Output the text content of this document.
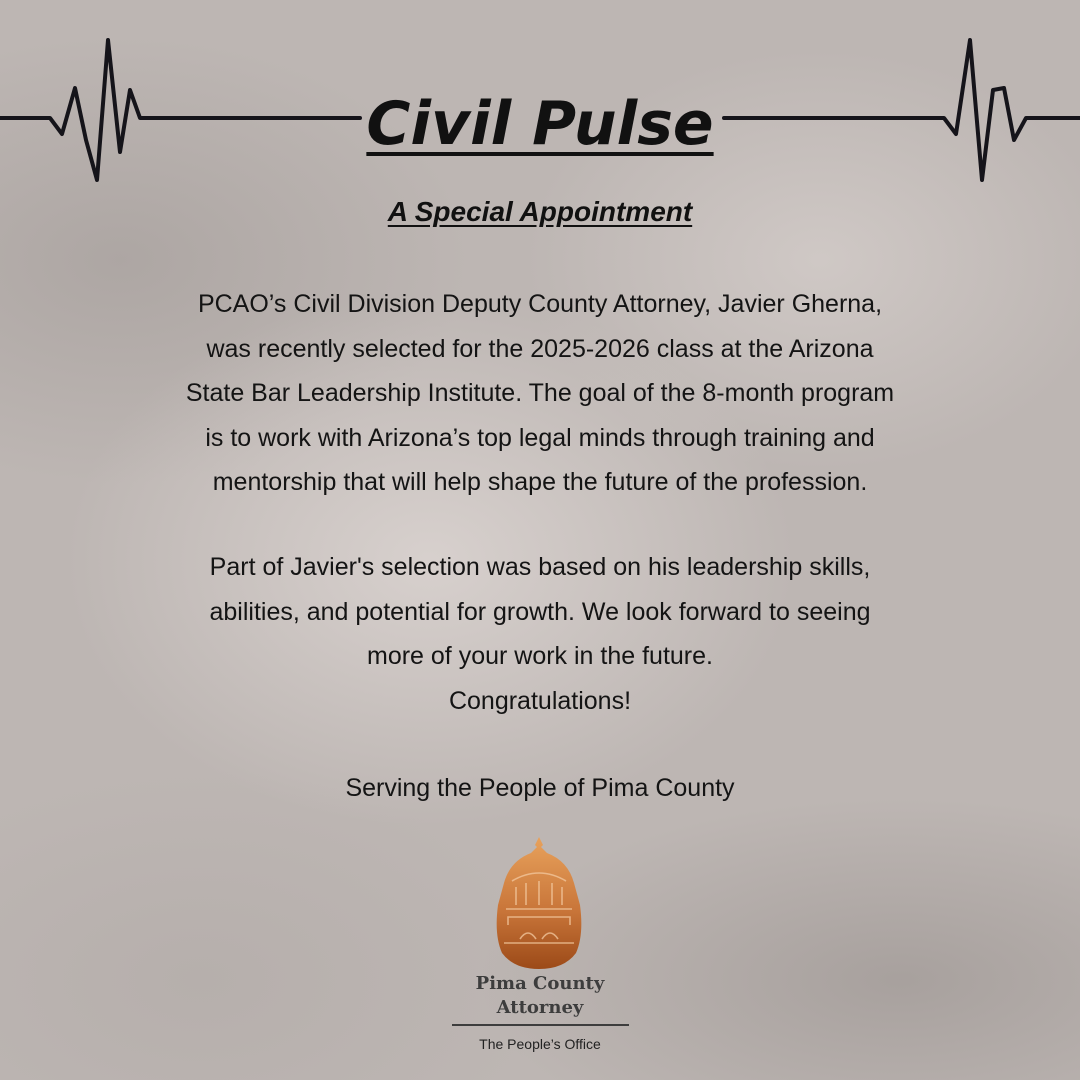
Civil Pulse
A Special Appointment
PCAO’s Civil Division Deputy County Attorney, Javier Gherna,
was recently selected for the 2025-2026 class at the Arizona
State Bar Leadership Institute. The goal of the 8-month program
is to work with Arizona’s top legal minds through training and
mentorship that will help shape the future of the profession.
Part of Javier's selection was based on his leadership skills,
abilities, and potential for growth. We look forward to seeing
more of your work in the future.
Congratulations!
Serving the People of Pima County
Pima County
Attorney
The People’s Office
